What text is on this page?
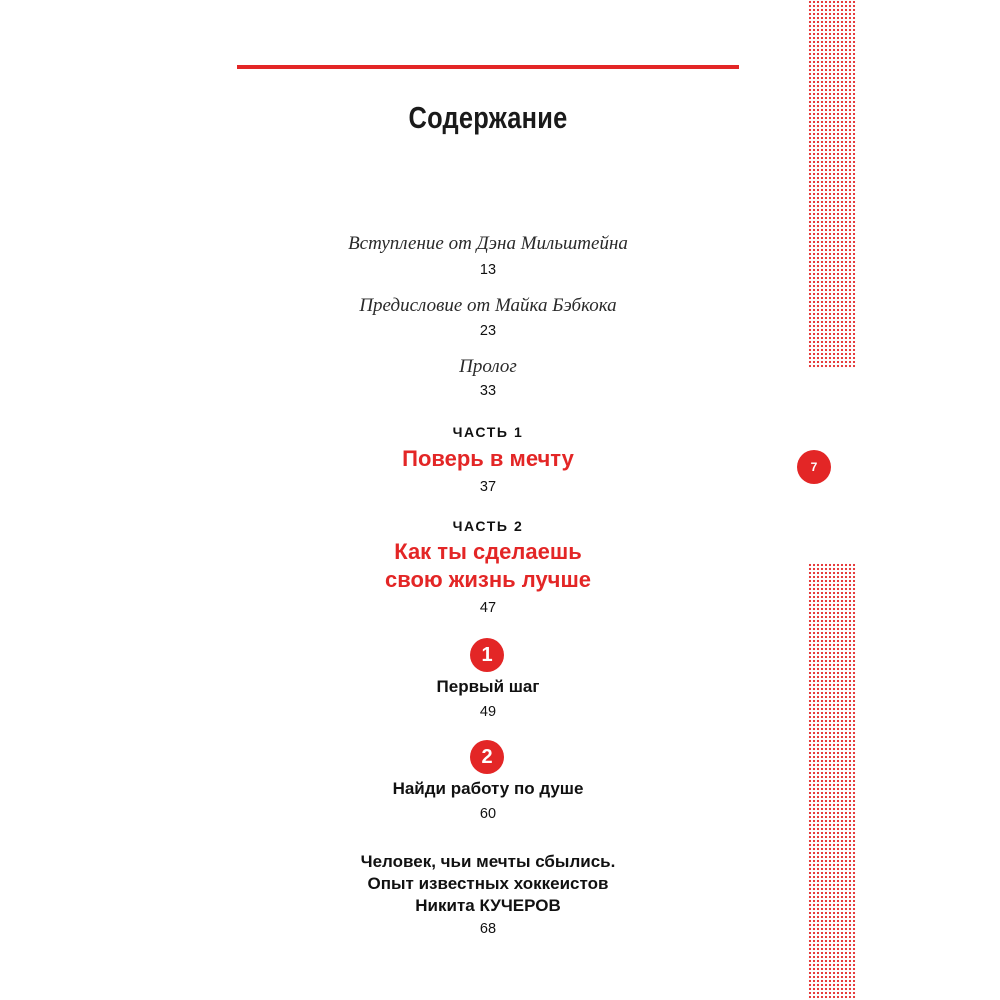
7
Содержание
Вступление от Дэна Мильштейна
13
Предисловие от Майка Бэбкока
23
Пролог
33
ЧАСТЬ 1
Поверь в мечту
37
ЧАСТЬ 2
Как ты сделаешь
свою жизнь лучше
47
1
Первый шаг
49
2
Найди работу по душе
60
Человек, чьи мечты сбылись.
Опыт известных хоккеистов
Никита КУЧЕРОВ
68
